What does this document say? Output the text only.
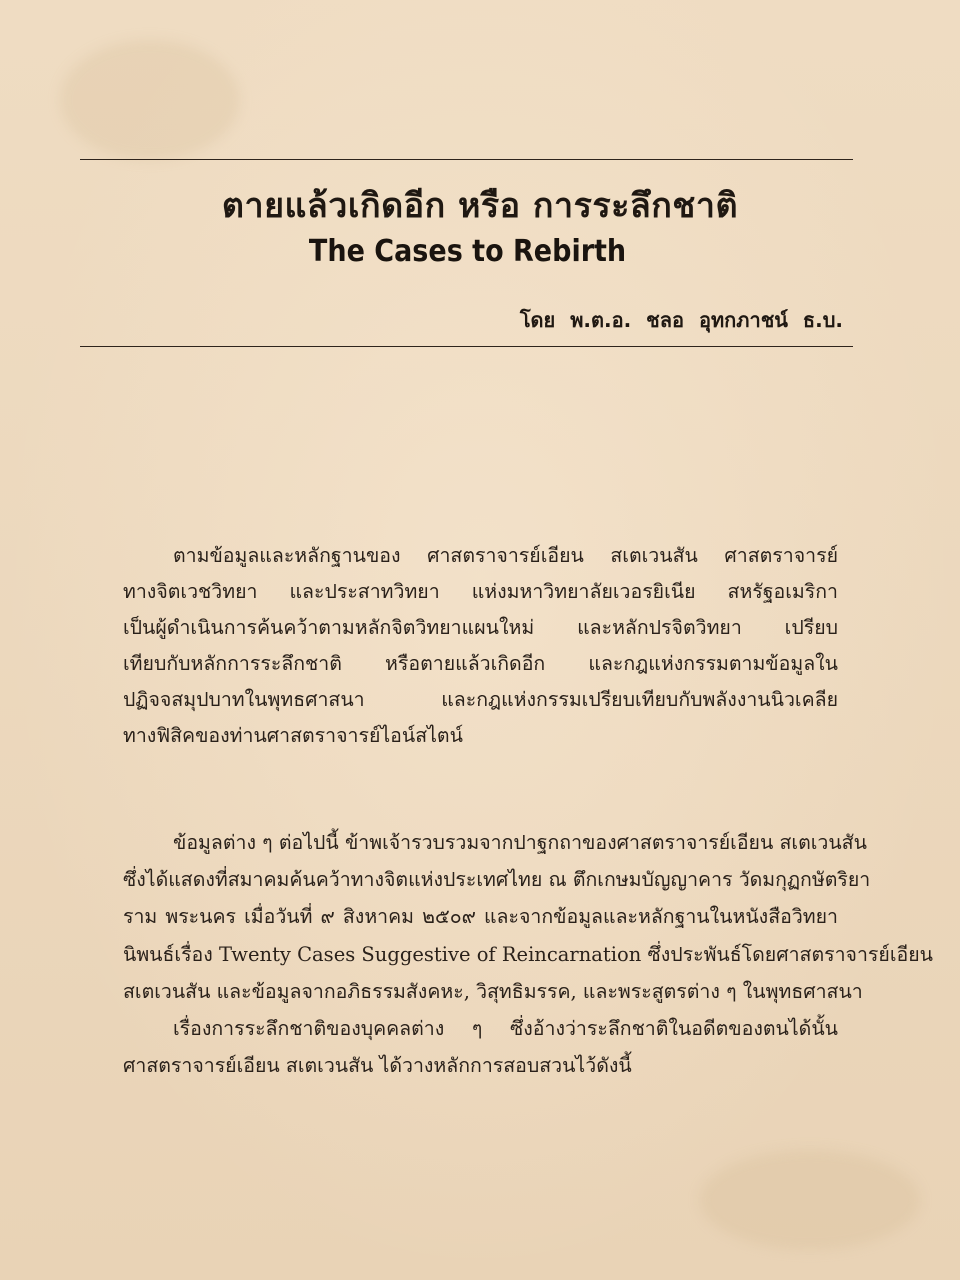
ตายแล้วเกิดอีก หรือ การระลึกชาติ
The Cases to Rebirth
โดย พ.ต.อ. ชลอ อุทกภาชน์ ธ.บ.
ตามข้อมูลและหลักฐานของ ศาสตราจารย์เอียน สเตเวนสัน ศาสตราจารย์
ทางจิตเวชวิทยา และประสาทวิทยา แห่งมหาวิทยาลัยเวอรยิเนีย สหรัฐอเมริกา
เป็นผู้ดำเนินการค้นคว้าตามหลักจิตวิทยาแผนใหม่ และหลักปรจิตวิทยา เปรียบ
เทียบกับหลักการระลึกชาติ หรือตายแล้วเกิดอีก และกฎแห่งกรรมตามข้อมูลใน
ปฏิจจสมุปบาทในพุทธศาสนา และกฎแห่งกรรมเปรียบเทียบกับพลังงานนิวเคลีย
ทางฟิสิคของท่านศาสตราจารย์ไอน์สไตน์
ข้อมูลต่าง ๆ ต่อไปนี้ ข้าพเจ้ารวบรวมจากปาฐกถาของศาสตราจารย์เอียน สเตเวนสัน
ซึ่งได้แสดงที่สมาคมค้นคว้าทางจิตแห่งประเทศไทย ณ ตึกเกษมบัญญาคาร วัดมกุฏกษัตริยา
ราม พระนคร เมื่อวันที่ ๙ สิงหาคม ๒๕๐๙ และจากข้อมูลและหลักฐานในหนังสือวิทยา
นิพนธ์เรื่อง Twenty Cases Suggestive of Reincarnation ซึ่งประพันธ์โดยศาสตราจารย์เอียน
สเตเวนสัน และข้อมูลจากอภิธรรมสังคหะ, วิสุทธิมรรค, และพระสูตรต่าง ๆ ในพุทธศาสนา
เรื่องการระลึกชาติของบุคคลต่าง ๆ ซึ่งอ้างว่าระลึกชาติในอดีตของตนได้นั้น
ศาสตราจารย์เอียน สเตเวนสัน ได้วางหลักการสอบสวนไว้ดังนี้
